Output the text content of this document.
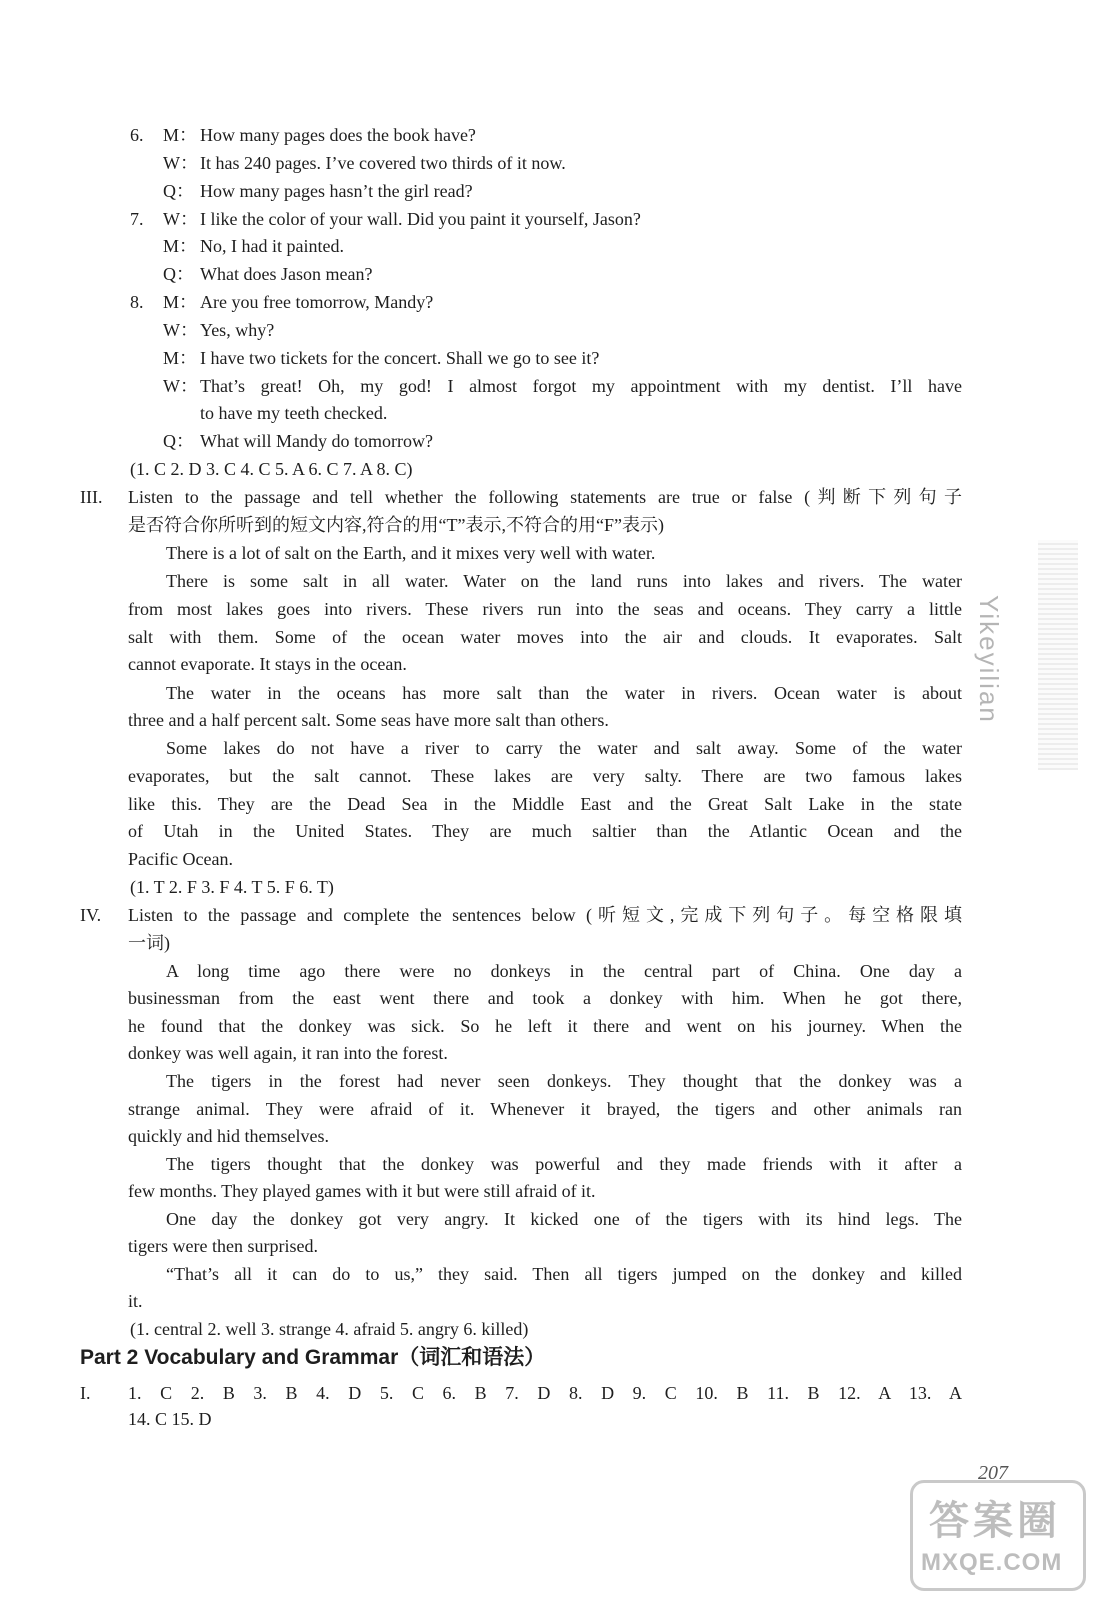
6. M： How many pages does the book have?
W： It has 240 pages. I’ve covered two thirds of it now.
Q： How many pages hasn’t the girl read?
7. W： I like the color of your wall. Did you paint it yourself, Jason?
M： No, I had it painted.
Q： What does Jason mean?
8. M： Are you free tomorrow, Mandy?
W： Yes, why?
M： I have two tickets for the concert. Shall we go to see it?
W： That’s great! Oh, my god! I almost forgot my appointment with my dentist. I’ll have
to have my teeth checked.
Q： What will Mandy do tomorrow?
(1. C 2. D 3. C 4. C 5. A 6. C 7. A 8. C)
III. Listen to the passage and tell whether the following statements are true or false (判断下列句子
是否符合你所听到的短文内容,符合的用“T”表示,不符合的用“F”表示)
There is a lot of salt on the Earth, and it mixes very well with water.
There is some salt in all water. Water on the land runs into lakes and rivers. The water
from most lakes goes into rivers. These rivers run into the seas and oceans. They carry a little
salt with them. Some of the ocean water moves into the air and clouds. It evaporates. Salt
cannot evaporate. It stays in the ocean.
The water in the oceans has more salt than the water in rivers. Ocean water is about
three and a half percent salt. Some seas have more salt than others.
Some lakes do not have a river to carry the water and salt away. Some of the water
evaporates, but the salt cannot. These lakes are very salty. There are two famous lakes
like this. They are the Dead Sea in the Middle East and the Great Salt Lake in the state
of Utah in the United States. They are much saltier than the Atlantic Ocean and the
Pacific Ocean.
(1. T 2. F 3. F 4. T 5. F 6. T)
IV. Listen to the passage and complete the sentences below (听短文,完成下列句子。每空格限填
一词)
A long time ago there were no donkeys in the central part of China. One day a
businessman from the east went there and took a donkey with him. When he got there,
he found that the donkey was sick. So he left it there and went on his journey. When the
donkey was well again, it ran into the forest.
The tigers in the forest had never seen donkeys. They thought that the donkey was a
strange animal. They were afraid of it. Whenever it brayed, the tigers and other animals ran
quickly and hid themselves.
The tigers thought that the donkey was powerful and they made friends with it after a
few months. They played games with it but were still afraid of it.
One day the donkey got very angry. It kicked one of the tigers with its hind legs. The
tigers were then surprised.
“That’s all it can do to us,” they said. Then all tigers jumped on the donkey and killed
it.
(1. central 2. well 3. strange 4. afraid 5. angry 6. killed)
Part 2 Vocabulary and Grammar（词汇和语法）
I. 1. C 2. B 3. B 4. D 5. C 6. B 7. D 8. D 9. C 10. B 11. B 12. A 13. A
14. C 15. D
Yikeyilian
207
答案圈
MXQE.COM
